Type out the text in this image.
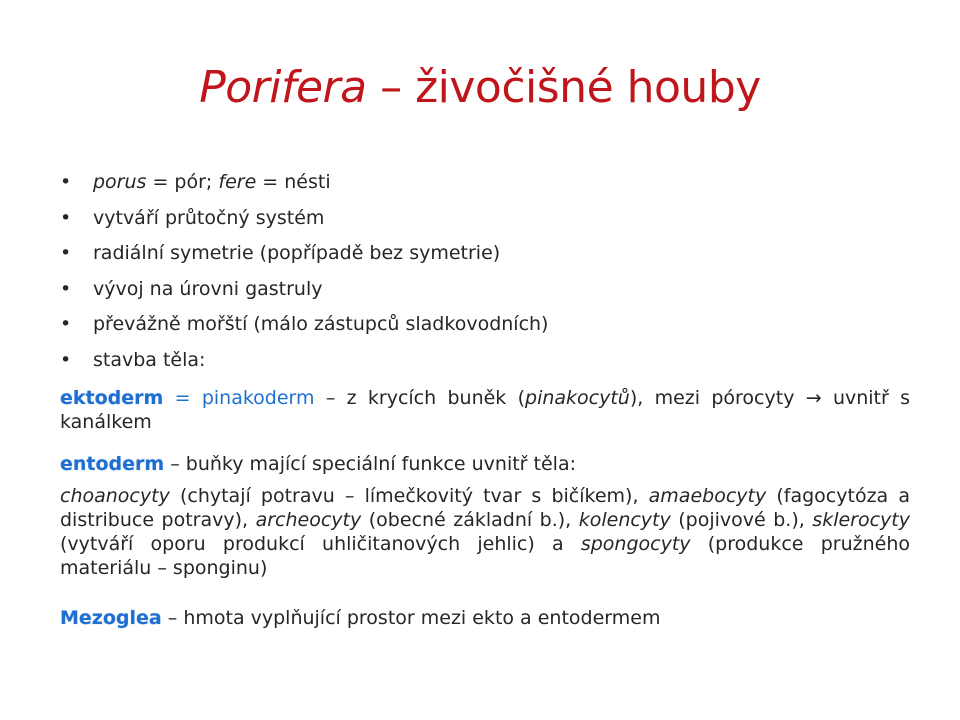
Porifera – živočišné houby
• porus = pór; fere = nésti
• vytváří průtočný systém
• radiální symetrie (popřípadě bez symetrie)
• vývoj na úrovni gastruly
• převážně mořští (málo zástupců sladkovodních)
• stavba těla:

ektoderm = pinakoderm – z krycích buněk (pinakocytů), mezi pórocyty → uvnitř s kanálkem

entoderm – buňky mající speciální funkce uvnitř těla:

choanocyty (chytají potravu – límečkovitý tvar s bičíkem), amaebocyty (fagocytóza a distribuce potravy), archeocyty (obecné základní b.), kolencyty (pojivové b.), sklerocyty (vytváří oporu produkcí uhličitanových jehlic) a spongocyty (produkce pružného materiálu – sponginu)

Mezoglea – hmota vyplňující prostor mezi ekto a entodermem
